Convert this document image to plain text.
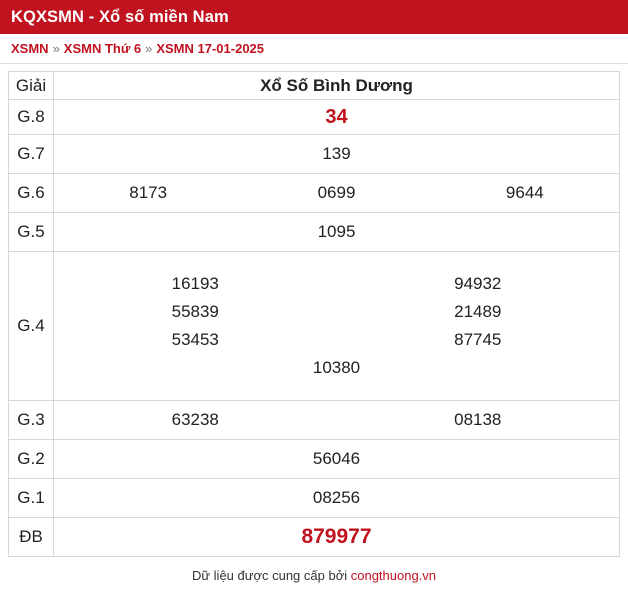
KQXSMN - Xổ số miền Nam
XSMN » XSMN Thứ 6 » XSMN 17-01-2025
Giải	Xổ Số Bình Dương
G.8	34

G.7	139

G.6	8173 0699 9644

G.5	1095

G.4	
16193	94932
55839	21489
53453	87745
10380

G.3	63238 08138

G.2	56046

G.1	08256

ĐB	879977
Dữ liệu được cung cấp bởi congthuong.vn
